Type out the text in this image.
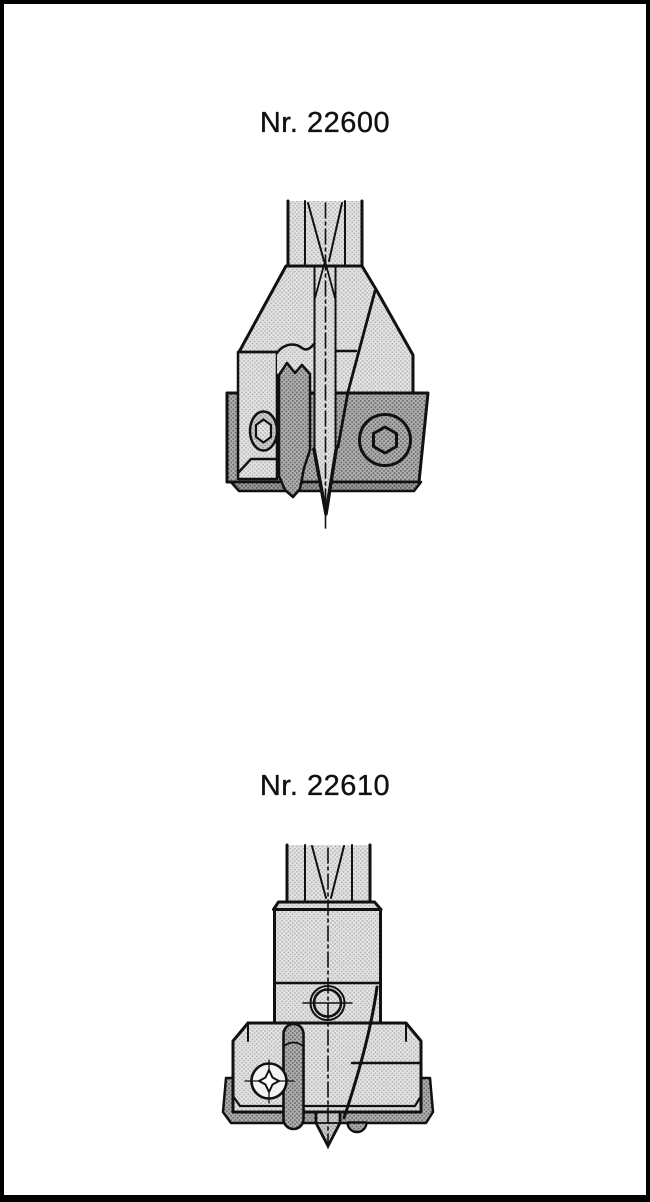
Nr. 22600
Nr. 22610
